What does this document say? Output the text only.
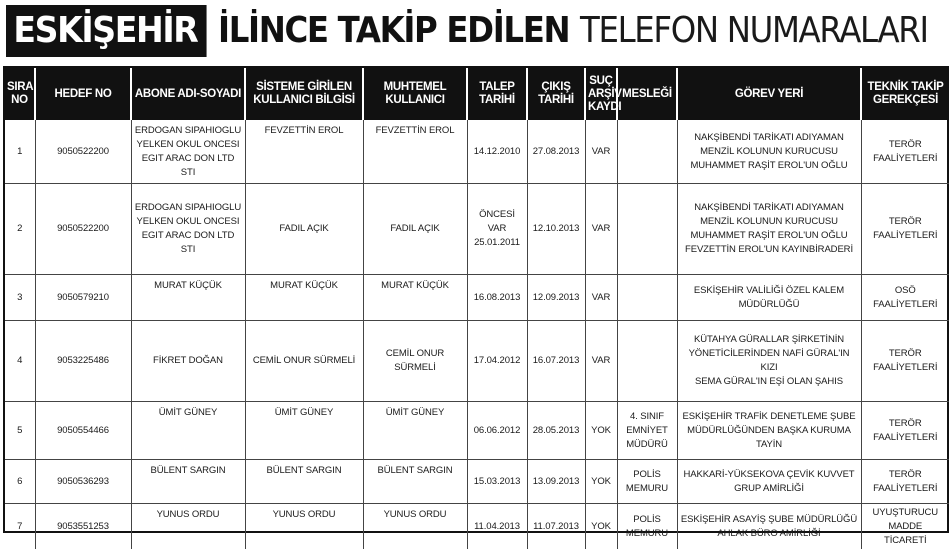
ESKİŞEHİR İLİNCE TAKİP EDİLEN TELEFON NUMARALARI
SIRA NO	HEDEF NO	ABONE ADI-SOYADI	SİSTEME GİRİLEN KULLANICI BİLGİSİ	MUHTEMEL KULLANICI	TALEP TARİHİ	ÇIKIŞ TARİHİ	SUÇ ARŞİV KAYDI	MESLEĞİ	GÖREV YERİ	TEKNİK TAKİP GEREKÇESİ
1	9050522200	ERDOGAN SIPAHIOGLU
YELKEN OKUL ONCESI
EGIT ARAC DON LTD STI	FEVZETTİN EROL	FEVZETTİN EROL	14.12.2010	27.08.2013	VAR		NAKŞİBENDİ TARİKATI ADIYAMAN
MENZİL KOLUNUN KURUCUSU
MUHAMMET RAŞİT EROL'UN OĞLU	TERÖR
FAALİYETLERİ

2	9050522200	ERDOGAN SIPAHIOGLU
YELKEN OKUL ONCESI
EGIT ARAC DON LTD STI	FADIL AÇIK	FADIL AÇIK	ÖNCESİ VAR
25.01.2011	12.10.2013	VAR		NAKŞİBENDİ TARİKATI ADIYAMAN
MENZİL KOLUNUN KURUCUSU
MUHAMMET RAŞİT EROL'UN OĞLU
FEVZETTİN EROL'UN KAYINBİRADERİ	TERÖR
FAALİYETLERİ

3	9050579210	MURAT KÜÇÜK	MURAT KÜÇÜK	MURAT KÜÇÜK	16.08.2013	12.09.2013	VAR		ESKİŞEHİR VALİLİĞİ ÖZEL KALEM
MÜDÜRLÜĞÜ	OSÖ
FAALİYETLERİ

4	9053225486	FİKRET DOĞAN	CEMİL ONUR SÜRMELİ	CEMİL ONUR SÜRMELİ	17.04.2012	16.07.2013	VAR		KÜTAHYA GÜRALLAR ŞİRKETİNİN
YÖNETİCİLERİNDEN NAFİ GÜRAL'IN KIZI
SEMA GÜRAL'IN EŞİ OLAN ŞAHIS	TERÖR
FAALİYETLERİ

5	9050554466	ÜMİT GÜNEY	ÜMİT GÜNEY	ÜMİT GÜNEY	06.06.2012	28.05.2013	YOK	4. SINIF
EMNİYET
MÜDÜRÜ	ESKİŞEHİR TRAFİK DENETLEME ŞUBE
MÜDÜRLÜĞÜNDEN BAŞKA KURUMA
TAYİN	TERÖR
FAALİYETLERİ

6	9050536293	BÜLENT SARGIN	BÜLENT SARGIN	BÜLENT SARGIN	15.03.2013	13.09.2013	YOK	POLİS
MEMURU	HAKKARİ-YÜKSEKOVA ÇEVİK KUVVET
GRUP AMİRLİĞİ	TERÖR
FAALİYETLERİ

7	9053551253	YUNUS ORDU	YUNUS ORDU	YUNUS ORDU	11.04.2013	11.07.2013	YOK	POLİS
MEMURU	ESKİŞEHİR ASAYİŞ ŞUBE MÜDÜRLÜĞÜ
AHLAK BÜRO AMİRLİĞİ	UYUŞTURUCU
MADDE
TİCARETİ
